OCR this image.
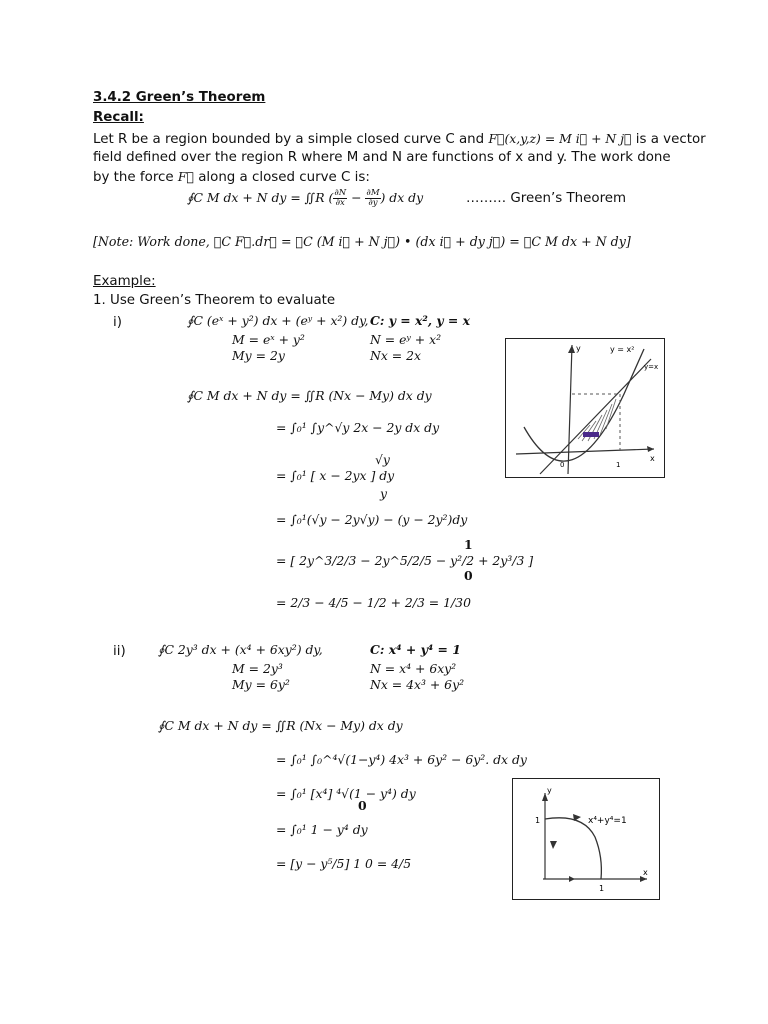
3.4.2 Green’s Theorem
Recall:
Let R be a region bounded by a simple closed curve C and F⃗(x,y,z) = M i⃗ + N j⃗ is a vector
field defined over the region R where M and N are functions of x and y. The work done
by the force F⃗ along a closed curve C is:
∮C M dx + N dy = ∬R ( $\frac{\partial N}{\partial x} - \frac{\partial M}{\partial y}$ ) dx dy	……… Green’s Theorem
[Note: Work done, ∮C F⃗.dr⃗ = ∮C (M i⃗ + N j⃗) • (dx i⃗ + dy j⃗) = ∮C M dx + N dy]
Example:
1. Use Green’s Theorem to evaluate
i)	∮C (eˣ + y²) dx + (eʸ + x²) dy, C: y = x², y = x
M = eˣ + y²	N = eʸ + x²
My = 2y	Nx = 2x
∮C M dx + N dy = ∬R (Nx − My) dx dy
= ∫₀¹ ∫y^√y 2x − 2y dx dy
= ∫₀¹ [ x − 2yx ] dy
√y
y
= ∫₀¹(√y − 2y√y) − (y − 2y²)dy
= [ 2y^3/2/3 − 2y^5/2/5 − y²/2 + 2y³/3 ]
1
0
= 2/3 − 4/5 − 1/2 + 2/3 = 1/30
y = x²
y=x
y
x
0	1
ii)	∮C 2y³ dx + (x⁴ + 6xy²) dy,	C: x⁴ + y⁴ = 1
M = 2y³	N = x⁴ + 6xy²
My = 6y²	Nx = 4x³ + 6y²
∮C M dx + N dy = ∬R (Nx − My) dx dy
= ∫₀¹ ∫₀^⁴√(1−y⁴) 4x³ + 6y² − 6y². dx dy
= ∫₀¹ [x⁴] ⁴√(1 − y⁴) dy
0
= ∫₀¹ 1 − y⁴ dy
= [y − y⁵/5] 1 0 = 4/5
x⁴+y⁴=1
y
x
1
1
